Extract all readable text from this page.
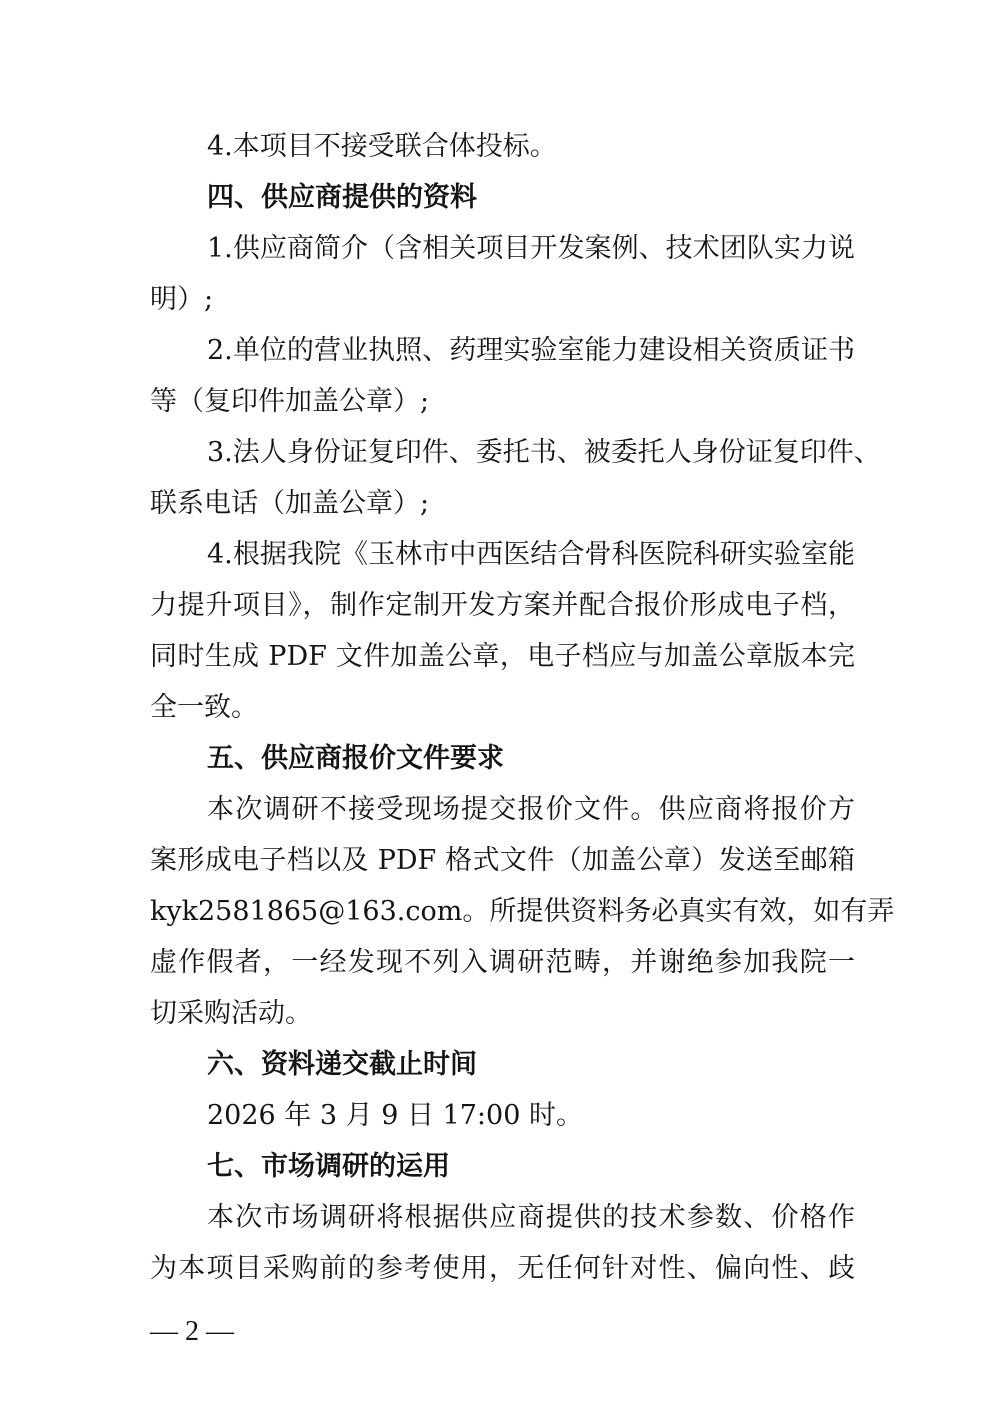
4.本项目不接受联合体投标。
四、供应商提供的资料
1.供应商简介（含相关项目开发案例、技术团队实力说
明）;
2.单位的营业执照、药理实验室能力建设相关资质证书
等（复印件加盖公章）;
3.法人身份证复印件、委托书、被委托人身份证复印件、
联系电话（加盖公章）;
4.根据我院《玉林市中西医结合骨科医院科研实验室能
力提升项目》，制作定制开发方案并配合报价形成电子档，
同时生成 PDF 文件加盖公章，电子档应与加盖公章版本完
全一致。
五、供应商报价文件要求
本次调研不接受现场提交报价文件。供应商将报价方
案形成电子档以及 PDF 格式文件（加盖公章）发送至邮箱
kyk2581865@163.com。所提供资料务必真实有效，如有弄
虚作假者，一经发现不列入调研范畴，并谢绝参加我院一
切采购活动。
六、资料递交截止时间
2026 年 3 月 9 日 17:00 时。
七、市场调研的运用
本次市场调研将根据供应商提供的技术参数、价格作
为本项目采购前的参考使用，无任何针对性、偏向性、歧
— 2 —
